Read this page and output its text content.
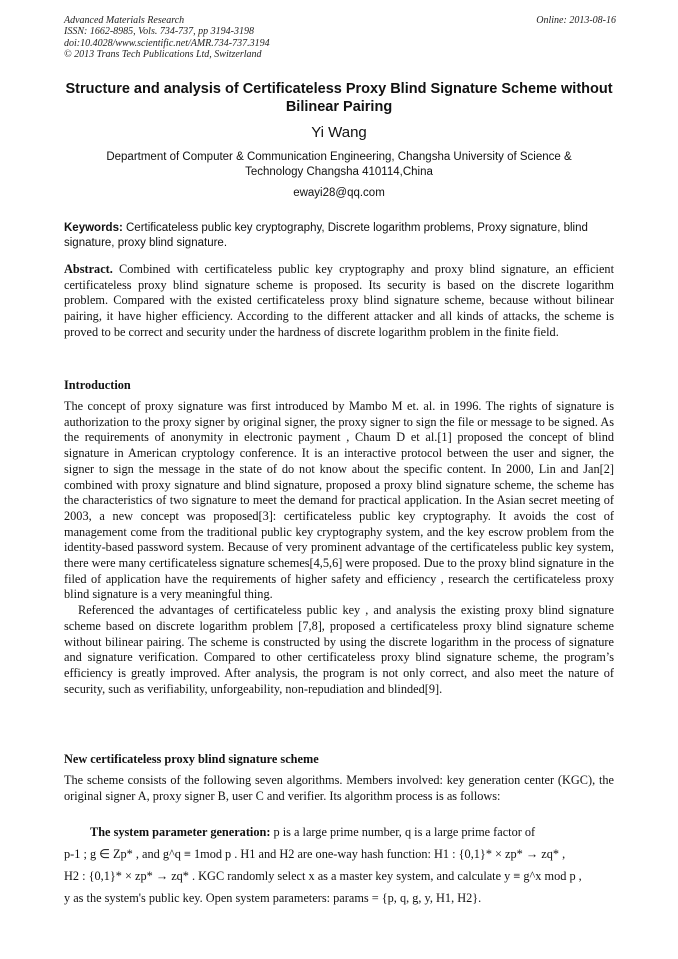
Advanced Materials Research
ISSN: 1662-8985, Vols. 734-737, pp 3194-3198
doi:10.4028/www.scientific.net/AMR.734-737.3194
© 2013 Trans Tech Publications Ltd, Switzerland
Online: 2013-08-16
Structure and analysis of Certificateless Proxy Blind Signature Scheme without Bilinear Pairing
Yi Wang
Department of Computer & Communication Engineering, Changsha University of Science & Technology Changsha 410114,China
ewayi28@qq.com
Keywords: Certificateless public key cryptography, Discrete logarithm problems, Proxy signature, blind signature, proxy blind signature.
Abstract. Combined with certificateless public key cryptography and proxy blind signature, an efficient certificateless proxy blind signature scheme is proposed. Its security is based on the discrete logarithm problem. Compared with the existed certificateless proxy blind signature scheme, because without bilinear pairing, it have higher efficiency. According to the different attacker and all kinds of attacks, the scheme is proved to be correct and security under the hardness of discrete logarithm problem in the finite field.
Introduction

The concept of proxy signature was first introduced by Mambo M et. al. in 1996. The rights of signature is authorization to the proxy signer by original signer, the proxy signer to sign the file or message to be signed. As the requirements of anonymity in electronic payment , Chaum D et al.[1] proposed the concept of blind signature in American cryptology conference. It is an interactive protocol between the user and signer, the signer to sign the message in the state of do not know about the specific content. In 2000, Lin and Jan[2] combined with proxy signature and blind signature, proposed a proxy blind signature scheme, the scheme has the characteristics of two signature to meet the demand for practical application. In the Asian secret meeting of 2003, a new concept was proposed[3]: certificateless public key cryptography. It avoids the cost of management come from the traditional public key cryptography system, and the key escrow problem from the identity-based password system. Because of very prominent advantage of the certificateless public key system, there were many certificateless signature schemes[4,5,6] were proposed. Due to the proxy blind signature in the filed of application have the requirements of higher safety and efficiency , research the certificateless proxy blind signature is a very meaningful thing.

Referenced the advantages of certificateless public key , and analysis the existing proxy blind signature scheme based on discrete logarithm problem [7,8], proposed a certificateless proxy blind signature scheme without bilinear pairing. The scheme is constructed by using the discrete logarithm in the process of signature and signature verification. Compared to other certificateless proxy blind signature scheme, the program’s efficiency is greatly improved. After analysis, the program is not only correct, and also meet the nature of security, such as verifiability, unforgeability, non-repudiation and blinded[9].

New certificateless proxy blind signature scheme

The scheme consists of the following seven algorithms. Members involved: key generation center (KGC), the original signer A, proxy signer B, user C and verifier. Its algorithm process is as follows:

The system parameter generation: p is a large prime number, q is a large prime factor of
p-1 ; g ∈ Zp* , and g^q ≡ 1mod p . H1 and H2 are one-way hash function: H1 : {0,1}* × zp* → zq* ,
H2 : {0,1}* × zp* → zq* . KGC randomly select x as a master key system, and calculate y ≡ g^x mod p ,
y as the system's public key. Open system parameters: params = {p, q, g, y, H1, H2}.
